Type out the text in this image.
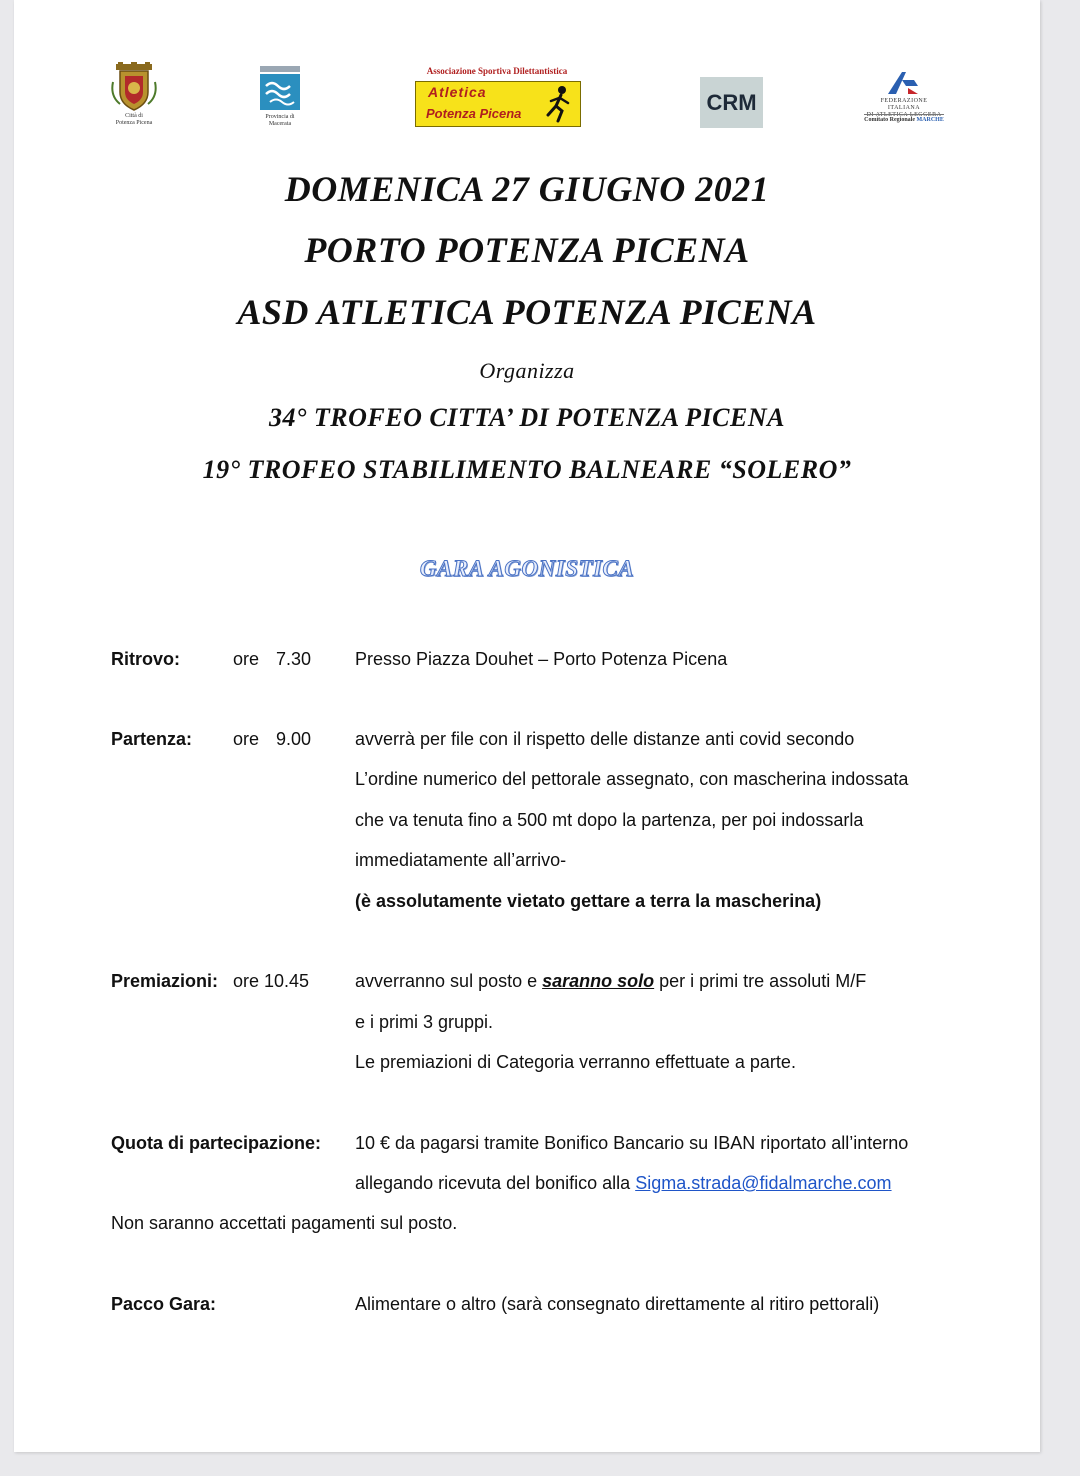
Città di
Potenza Picena
Provincia di
Macerata
Associazione Sportiva Dilettantistica
Atletica
Potenza Picena	CRM	FEDERAZIONE ITALIANA
DI ATLETICA LEGGERA
Comitato Regionale MARCHE
DOMENICA 27 GIUGNO 2021
PORTO POTENZA PICENA
ASD ATLETICA POTENZA PICENA
Organizza
34° TROFEO CITTA’ DI POTENZA PICENA
19° TROFEO STABILIMENTO BALNEARE “SOLERO”
GARA AGONISTICA
Ritrovo:	ore 7.30 Presso Piazza Douhet – Porto Potenza Picena
Partenza: ore 9.00 avverrà per file con il rispetto delle distanze anti covid secondo
L’ordine numerico del pettorale assegnato, con mascherina indossata
che va tenuta fino a 500 mt dopo la partenza, per poi indossarla
immediatamente all’arrivo-
(è assolutamente vietato gettare a terra la mascherina)
Premiazioni: ore 10.45	avverranno sul posto e saranno solo per i primi tre assoluti M/F
e i primi 3 gruppi.
Le premiazioni di Categoria verranno effettuate a parte.
Quota di partecipazione: 10 € da pagarsi tramite Bonifico Bancario su IBAN riportato all’interno
allegando ricevuta del bonifico alla Sigma.strada@fidalmarche.com
Non saranno accettati pagamenti sul posto.
Pacco Gara:	Alimentare o altro (sarà consegnato direttamente al ritiro pettorali)
